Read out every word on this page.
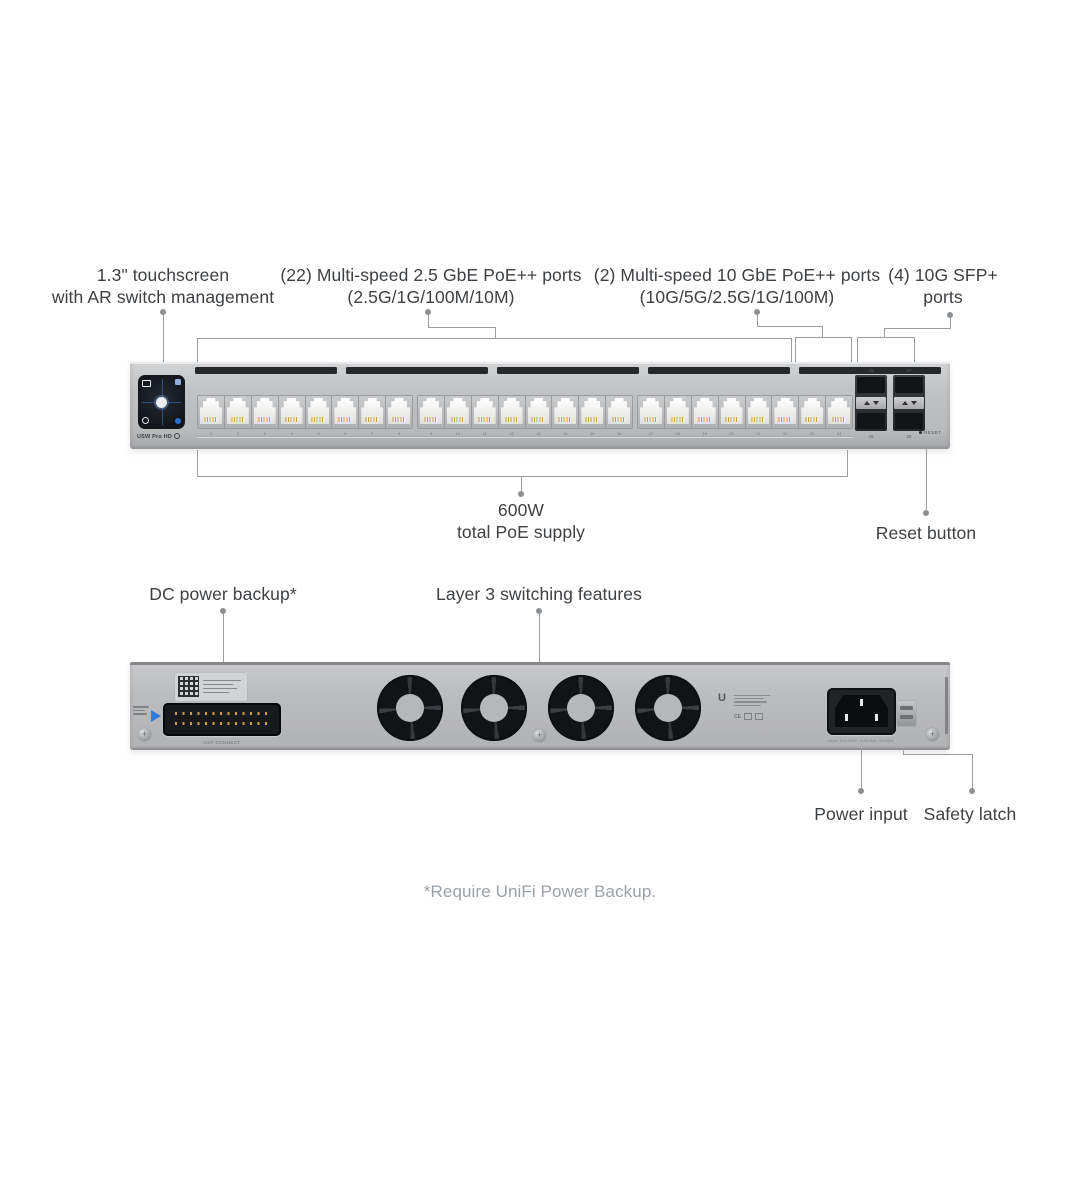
1.3" touchscreen
with AR switch management
(22) Multi-speed 2.5 GbE PoE++ ports
(2.5G/1G/100M/10M)
(2) Multi-speed 10 GbE PoE++ ports
(10G/5G/2.5G/1G/100M)
(4) 10G SFP+
ports
USW Pro HD
1	2	3	4	5	6	7	8	9	10	11	12	13	14	15	16	17	18	19	20	21	22	23	24
25	27
26	28
RESET
600W
total PoE supply	Reset button
DC power backup*	Layer 3 switching features
+
USP CONNECT
+
U
CE
Input: 100-240V~ 9.5A Max, 50/60Hz
+
Power input Safety latch
*Require UniFi Power Backup.
